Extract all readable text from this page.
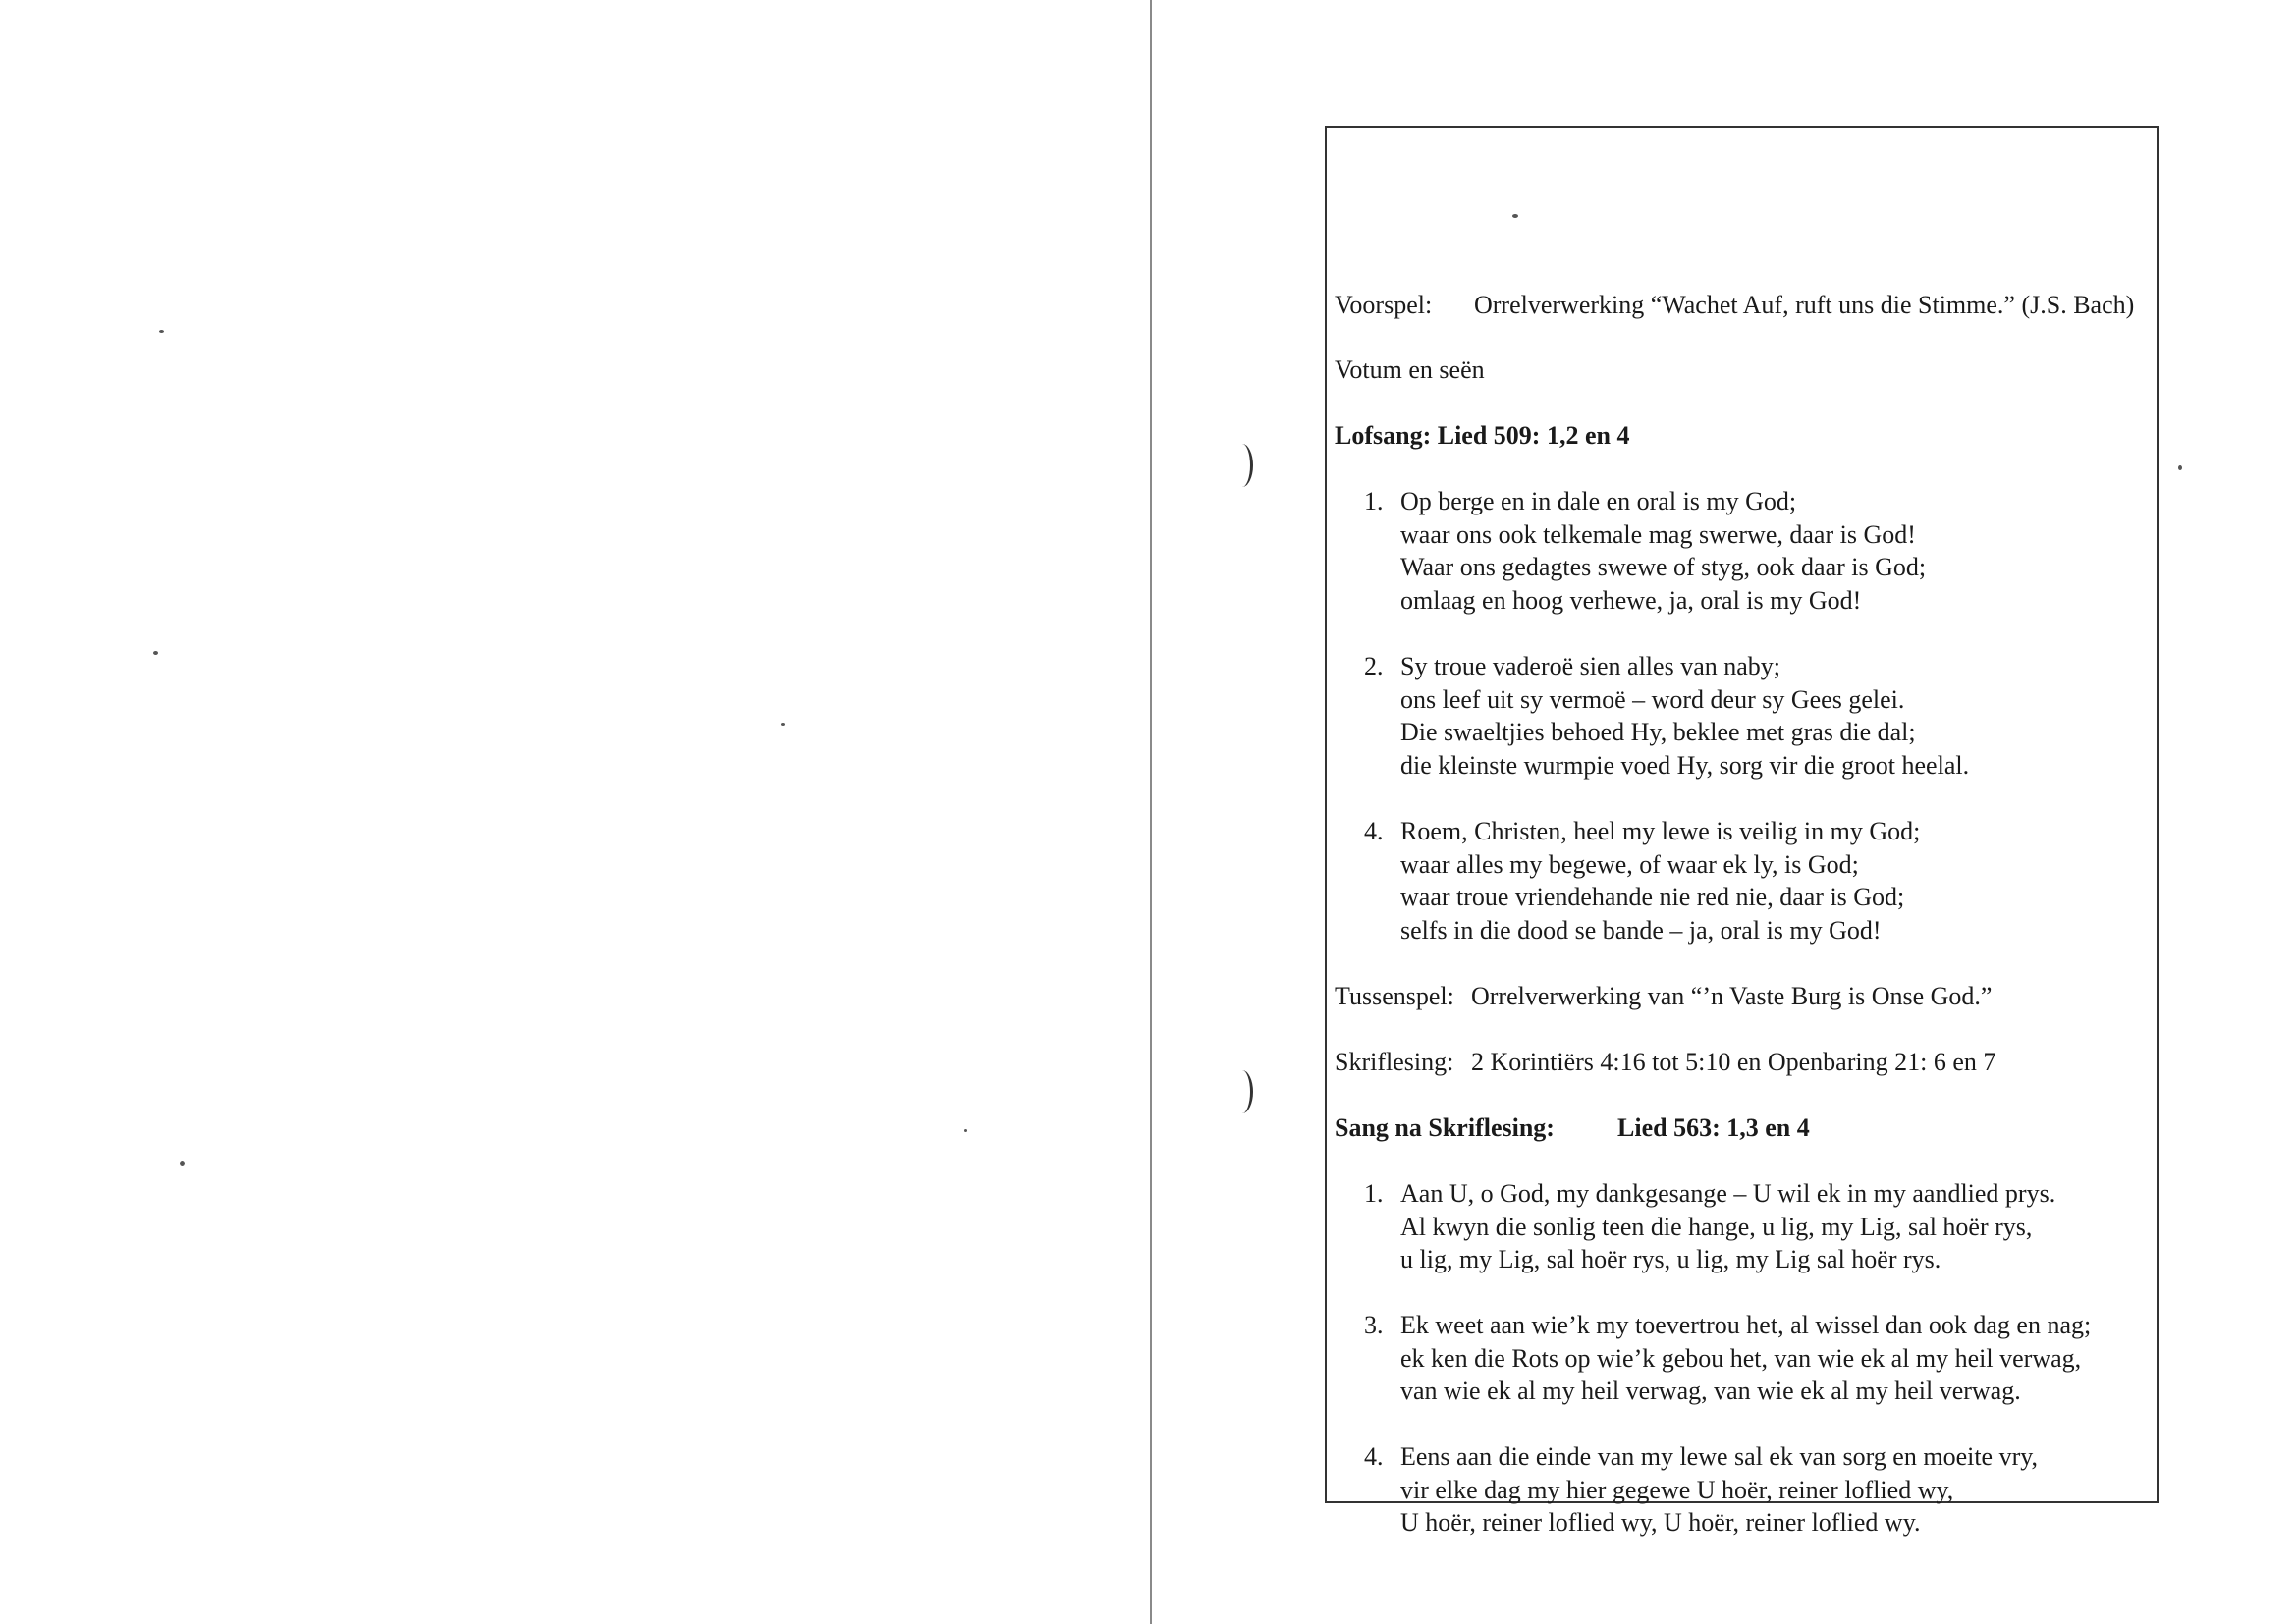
Voorspel: Orrelverwerking “Wachet Auf, ruft uns die Stimme.” (J.S. Bach)
Votum en seën
Lofsang: Lied 509: 1,2 en 4
1. Op berge en in dale en oral is my God;
waar ons ook telkemale mag swerwe, daar is God!
Waar ons gedagtes swewe of styg, ook daar is God;
omlaag en hoog verhewe, ja, oral is my God!
2. Sy troue vaderoë sien alles van naby;
ons leef uit sy vermoë – word deur sy Gees gelei.
Die swaeltjies behoed Hy, beklee met gras die dal;
die kleinste wurmpie voed Hy, sorg vir die groot heelal.
4. Roem, Christen, heel my lewe is veilig in my God;
waar alles my begewe, of waar ek ly, is God;
waar troue vriendehande nie red nie, daar is God;
selfs in die dood se bande – ja, oral is my God!
Tussenspel: Orrelverwerking van “’n Vaste Burg is Onse God.”
Skriflesing: 2 Korintiërs 4:16 tot 5:10 en Openbaring 21: 6 en 7
Sang na Skriflesing: Lied 563: 1,3 en 4
1. Aan U, o God, my dankgesange – U wil ek in my aandlied prys.
Al kwyn die sonlig teen die hange, u lig, my Lig, sal hoër rys,
u lig, my Lig, sal hoër rys, u lig, my Lig sal hoër rys.
3. Ek weet aan wie’k my toevertrou het, al wissel dan ook dag en nag;
ek ken die Rots op wie’k gebou het, van wie ek al my heil verwag,
van wie ek al my heil verwag, van wie ek al my heil verwag.
4. Eens aan die einde van my lewe sal ek van sorg en moeite vry,
vir elke dag my hier gegewe U hoër, reiner loflied wy,
U hoër, reiner loflied wy, U hoër, reiner loflied wy.
